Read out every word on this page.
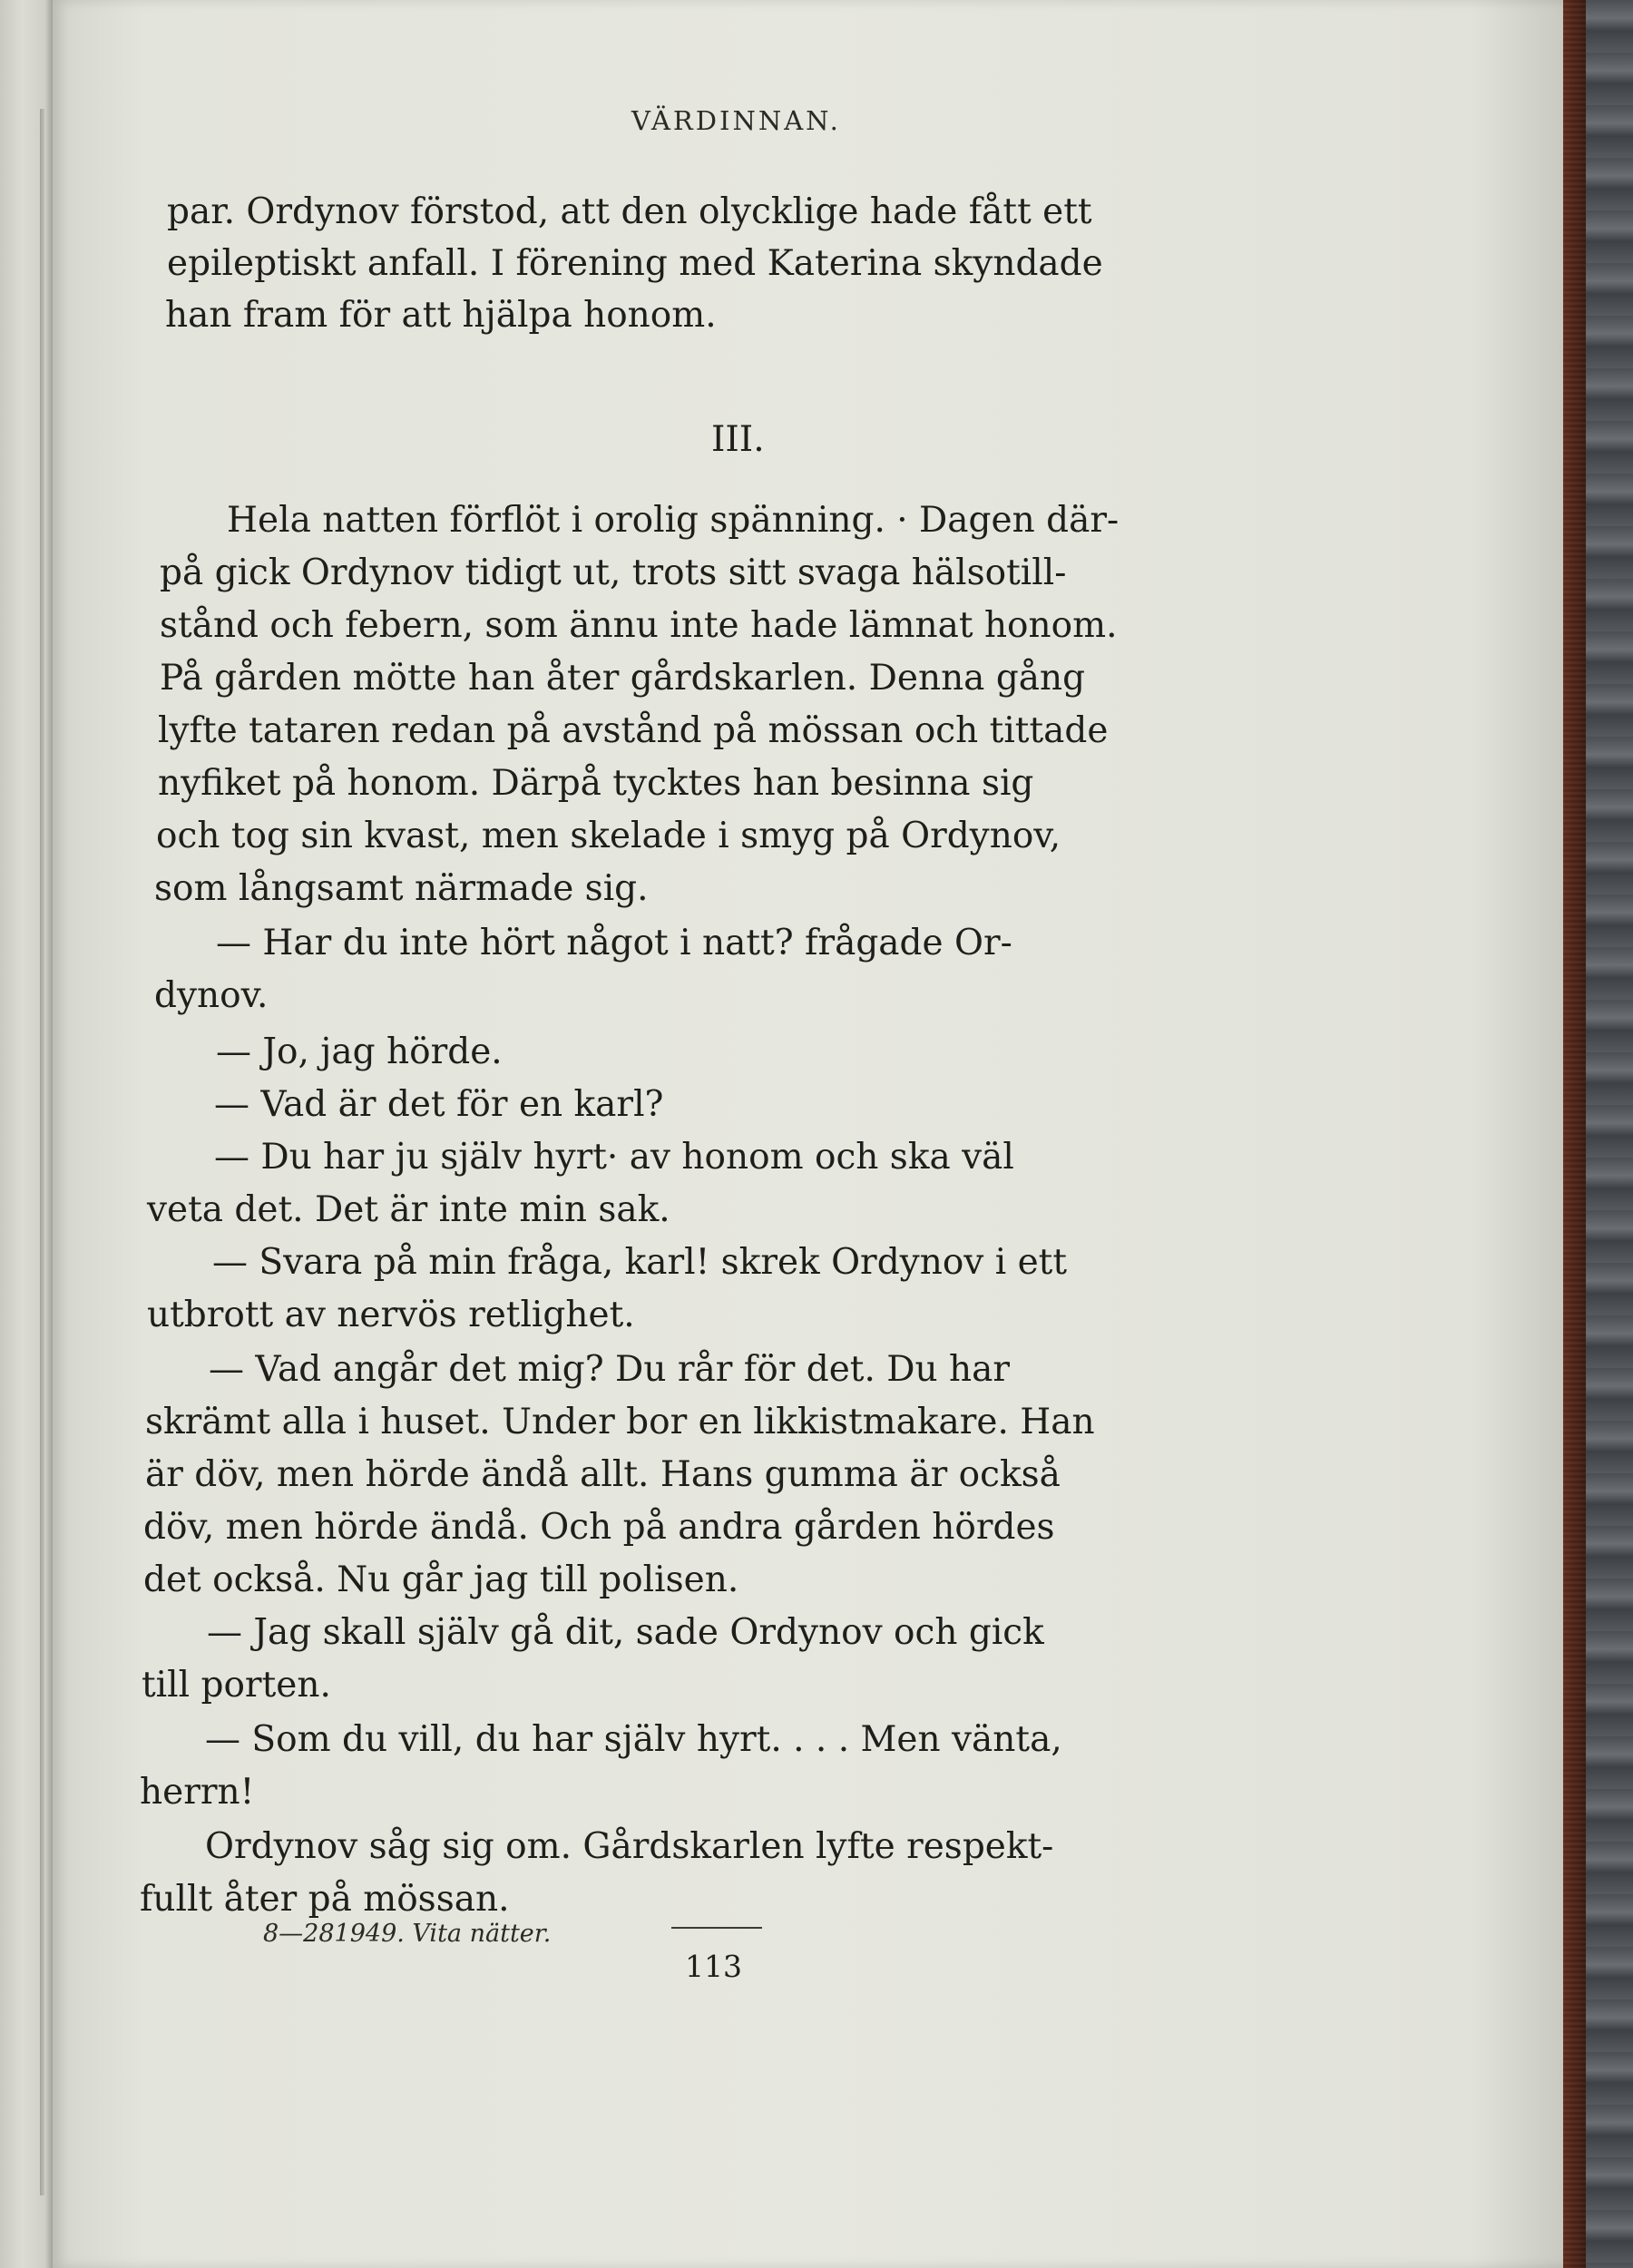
VÄRDINNAN.
par. Ordynov förstod, att den olycklige hade fått ett
epileptiskt anfall. I förening med Katerina skyndade
han fram för att hjälpa honom.
III.
Hela natten förflöt i orolig spänning. · Dagen där-
på gick Ordynov tidigt ut, trots sitt svaga hälsotill-
stånd och febern, som ännu inte hade lämnat honom.
På gården mötte han åter gårdskarlen. Denna gång
lyfte tataren redan på avstånd på mössan och tittade
nyfiket på honom. Därpå tycktes han besinna sig
och tog sin kvast, men skelade i smyg på Ordynov,
som långsamt närmade sig.
— Har du inte hört något i natt? frågade Or-
dynov.
— Jo, jag hörde.
— Vad är det för en karl?
— Du har ju själv hyrt· av honom och ska väl
veta det. Det är inte min sak.
— Svara på min fråga, karl! skrek Ordynov i ett
utbrott av nervös retlighet.
— Vad angår det mig? Du rår för det. Du har
skrämt alla i huset. Under bor en likkistmakare. Han
är döv, men hörde ändå allt. Hans gumma är också
döv, men hörde ändå. Och på andra gården hördes
det också. Nu går jag till polisen.
— Jag skall själv gå dit, sade Ordynov och gick
till porten.
— Som du vill, du har själv hyrt. . . . Men vänta,
herrn!
Ordynov såg sig om. Gårdskarlen lyfte respekt-
fullt åter på mössan.
8—281949. Vita nätter.
113
